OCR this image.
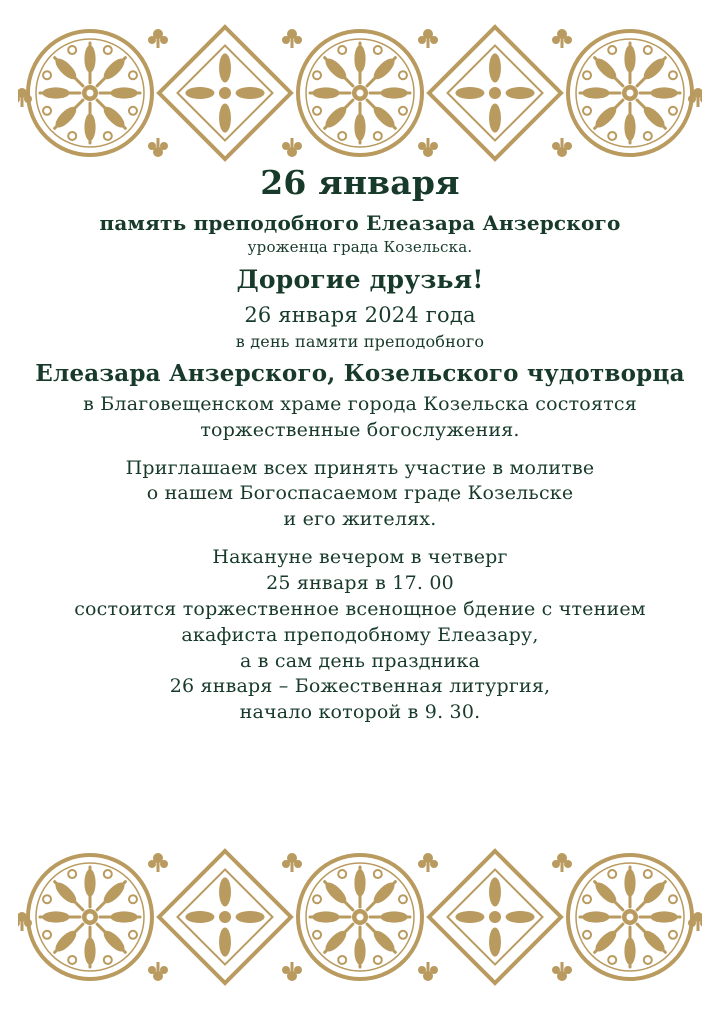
26 января
память преподобного Елеазара Анзерского
уроженца града Козельска.
Дорогие друзья!
26 января 2024 года
в день памяти преподобного
Елеазара Анзерского, Козельского чудотворца
в Благовещенском храме города Козельска состоятся
торжественные богослужения.
Приглашаем всех принять участие в молитве
о нашем Богоспасаемом граде Козельске
и его жителях.
Накануне вечером в четверг
25 января в 17. 00
состоится торжественное всенощное бдение с чтением
акафиста преподобному Елеазару,
а в сам день праздника
26 января – Божественная литургия,
начало которой в 9. 30.
